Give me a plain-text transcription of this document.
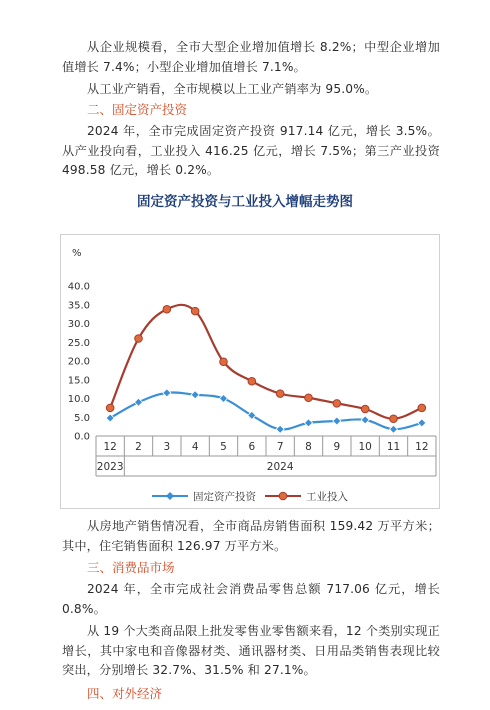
从企业规模看，全市大型企业增加值增长 8.2%；中型企业增加值增长 7.4%；小型企业增加值增长 7.1%。

从工业产销看，全市规模以上工业产销率为 95.0%。

二、固定资产投资

2024 年，全市完成固定资产投资 917.14 亿元，增长 3.5%。从产业投向看，工业投入 416.25 亿元，增长 7.5%；第三产业投资 498.58 亿元，增长 0.2%。

固定资产投资与工业投入增幅走势图
%
0.0
5.0
10.0
15.0
20.0
25.0
30.0
35.0
40.0
2023	2024
12 2 3 4 5 6 7 8 9 10 11 12
固定资产投资	工业投入

从房地产销售情况看，全市商品房销售面积 159.42 万平方米；其中，住宅销售面积 126.97 万平方米。

三、消费品市场

2024 年，全市完成社会消费品零售总额 717.06 亿元，增长 0.8%。

从 19 个大类商品限上批发零售业零售额来看，12 个类别实现正增长，其中家电和音像器材类、通讯器材类、日用品类销售表现比较突出，分别增长 32.7%、31.5% 和 27.1%。

四、对外经济
